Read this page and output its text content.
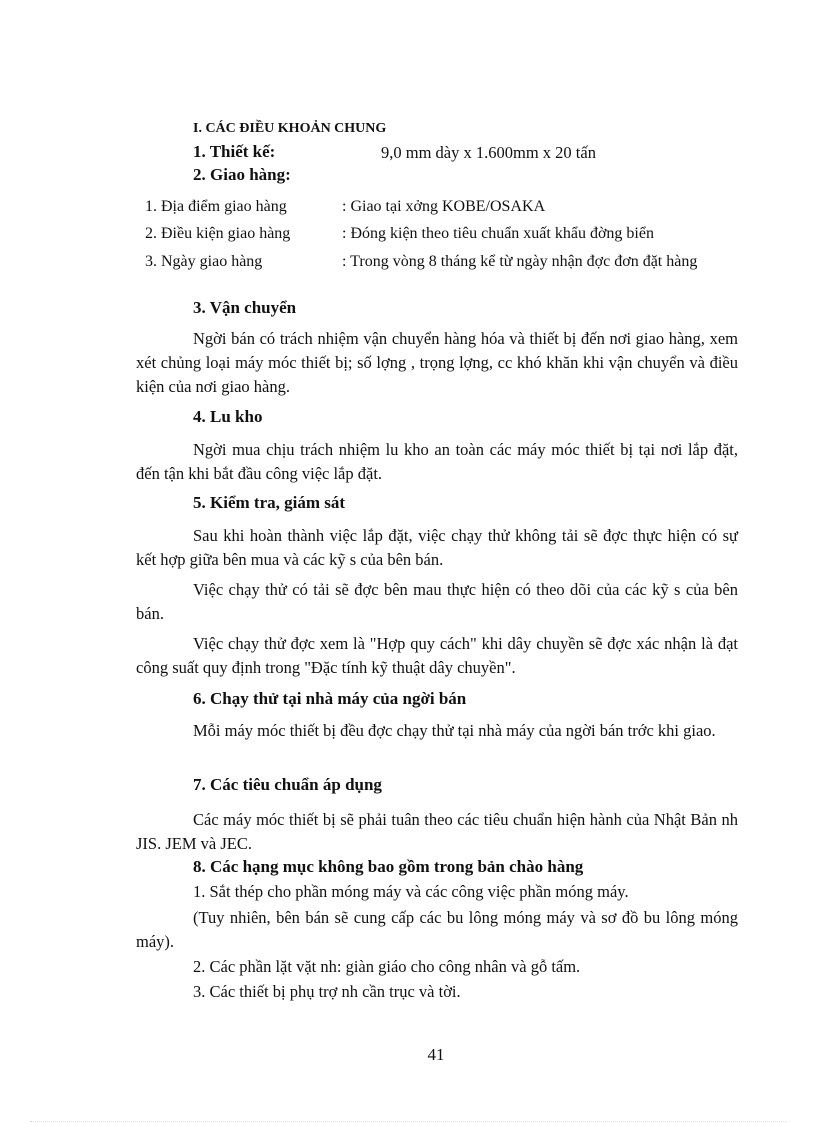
I. CÁC ĐIỀU KHOẢN CHUNG
1. Thiết kế:	9,0 mm dày x 1.600mm x 20 tấn
2. Giao hàng:
1. Địa điểm giao hàng	: Giao tại xởng KOBE/OSAKA
2. Điều kiện giao hàng	: Đóng kiện theo tiêu chuẩn xuất khẩu đờng biển
3. Ngày giao hàng	: Trong vòng 8 tháng kể từ ngày nhận đợc đơn đặt hàng
3. Vận chuyển

Ngời bán có trách nhiệm vận chuyển hàng hóa và thiết bị đến nơi giao hàng, xem xét chủng loại máy móc thiết bị; số lợng , trọng lợng, cc khó khăn khi vận chuyển và điều kiện của nơi giao hàng.

4. Lu kho

Ngời mua chịu trách nhiệm lu kho an toàn các máy móc thiết bị tại nơi lắp đặt, đến tận khi bắt đầu công việc lắp đặt.

5. Kiểm tra, giám sát

Sau khi hoàn thành việc lắp đặt, việc chạy thử không tải sẽ đợc thực hiện có sự kết hợp giữa bên mua và các kỹ s của bên bán.

Việc chạy thử có tải sẽ đợc bên mau thực hiện có theo dõi của các kỹ s của bên bán.

Việc chạy thử đợc xem là "Hợp quy cách" khi dây chuyền sẽ đợc xác nhận là đạt công suất quy định trong "Đặc tính kỹ thuật dây chuyền".

6. Chạy thử tại nhà máy của ngời bán

Mỗi máy móc thiết bị đều đợc chạy thử tại nhà máy của ngời bán trớc khi giao.

7. Các tiêu chuẩn áp dụng

Các máy móc thiết bị sẽ phải tuân theo các tiêu chuẩn hiện hành của Nhật Bản nh JIS. JEM và JEC.

8. Các hạng mục không bao gồm trong bản chào hàng
1. Sắt thép cho phần móng máy và các công việc phần móng máy.

(Tuy nhiên, bên bán sẽ cung cấp các bu lông móng máy và sơ đồ bu lông móng máy).

2. Các phần lặt vặt nh: giàn giáo cho công nhân và gỗ tấm.
3. Các thiết bị phụ trợ nh cần trục và tời.
41
